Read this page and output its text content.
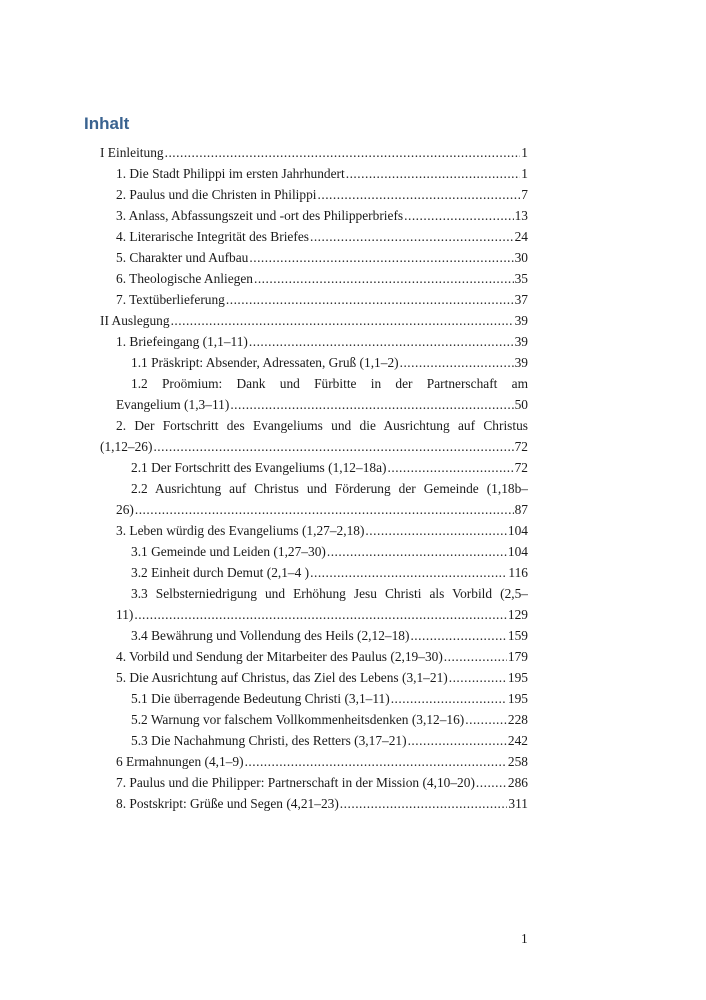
Inhalt
I Einleitung .....	1
1. Die Stadt Philippi im ersten Jahrhundert .....	1
2. Paulus und die Christen in Philippi .....	7
3. Anlass, Abfassungszeit und -ort des Philipperbriefs .....	13
4. Literarische Integrität des Briefes .....	24
5. Charakter und Aufbau .....	30
6. Theologische Anliegen .....	35
7. Textüberlieferung .....	37
II Auslegung .....	39
1. Briefeingang (1,1–11) .....	39
1.1 Präskript: Absender, Adressaten, Gruß (1,1–2) .....	39
1.2 Proömium: Dank und Fürbitte in der Partnerschaft am
Evangelium (1,3–11) .....	50
2. Der Fortschritt des Evangeliums und die Ausrichtung auf Christus
(1,12–26) .....	72
2.1 Der Fortschritt des Evangeliums (1,12–18a) .....	72
2.2 Ausrichtung auf Christus und Förderung der Gemeinde (1,18b–
26) .....	87
3. Leben würdig des Evangeliums (1,27–2,18) .....	104
3.1 Gemeinde und Leiden (1,27–30) .....	104
3.2 Einheit durch Demut (2,1–4 ) .....	116
3.3 Selbsterniedrigung und Erhöhung Jesu Christi als Vorbild (2,5–
11) .....	129
3.4 Bewährung und Vollendung des Heils (2,12–18) .....	159
4. Vorbild und Sendung der Mitarbeiter des Paulus (2,19–30) .....	179
5. Die Ausrichtung auf Christus, das Ziel des Lebens (3,1–21) .....	195
5.1 Die überragende Bedeutung Christi (3,1–11) .....	195
5.2 Warnung vor falschem Vollkommenheitsdenken (3,12–16) .....	228
5.3 Die Nachahmung Christi, des Retters (3,17–21) .....	242
6 Ermahnungen (4,1–9) .....	258
7. Paulus und die Philipper: Partnerschaft in der Mission (4,10–20) ..... 286
8. Postskript: Grüße und Segen (4,21–23) .....	311
1
